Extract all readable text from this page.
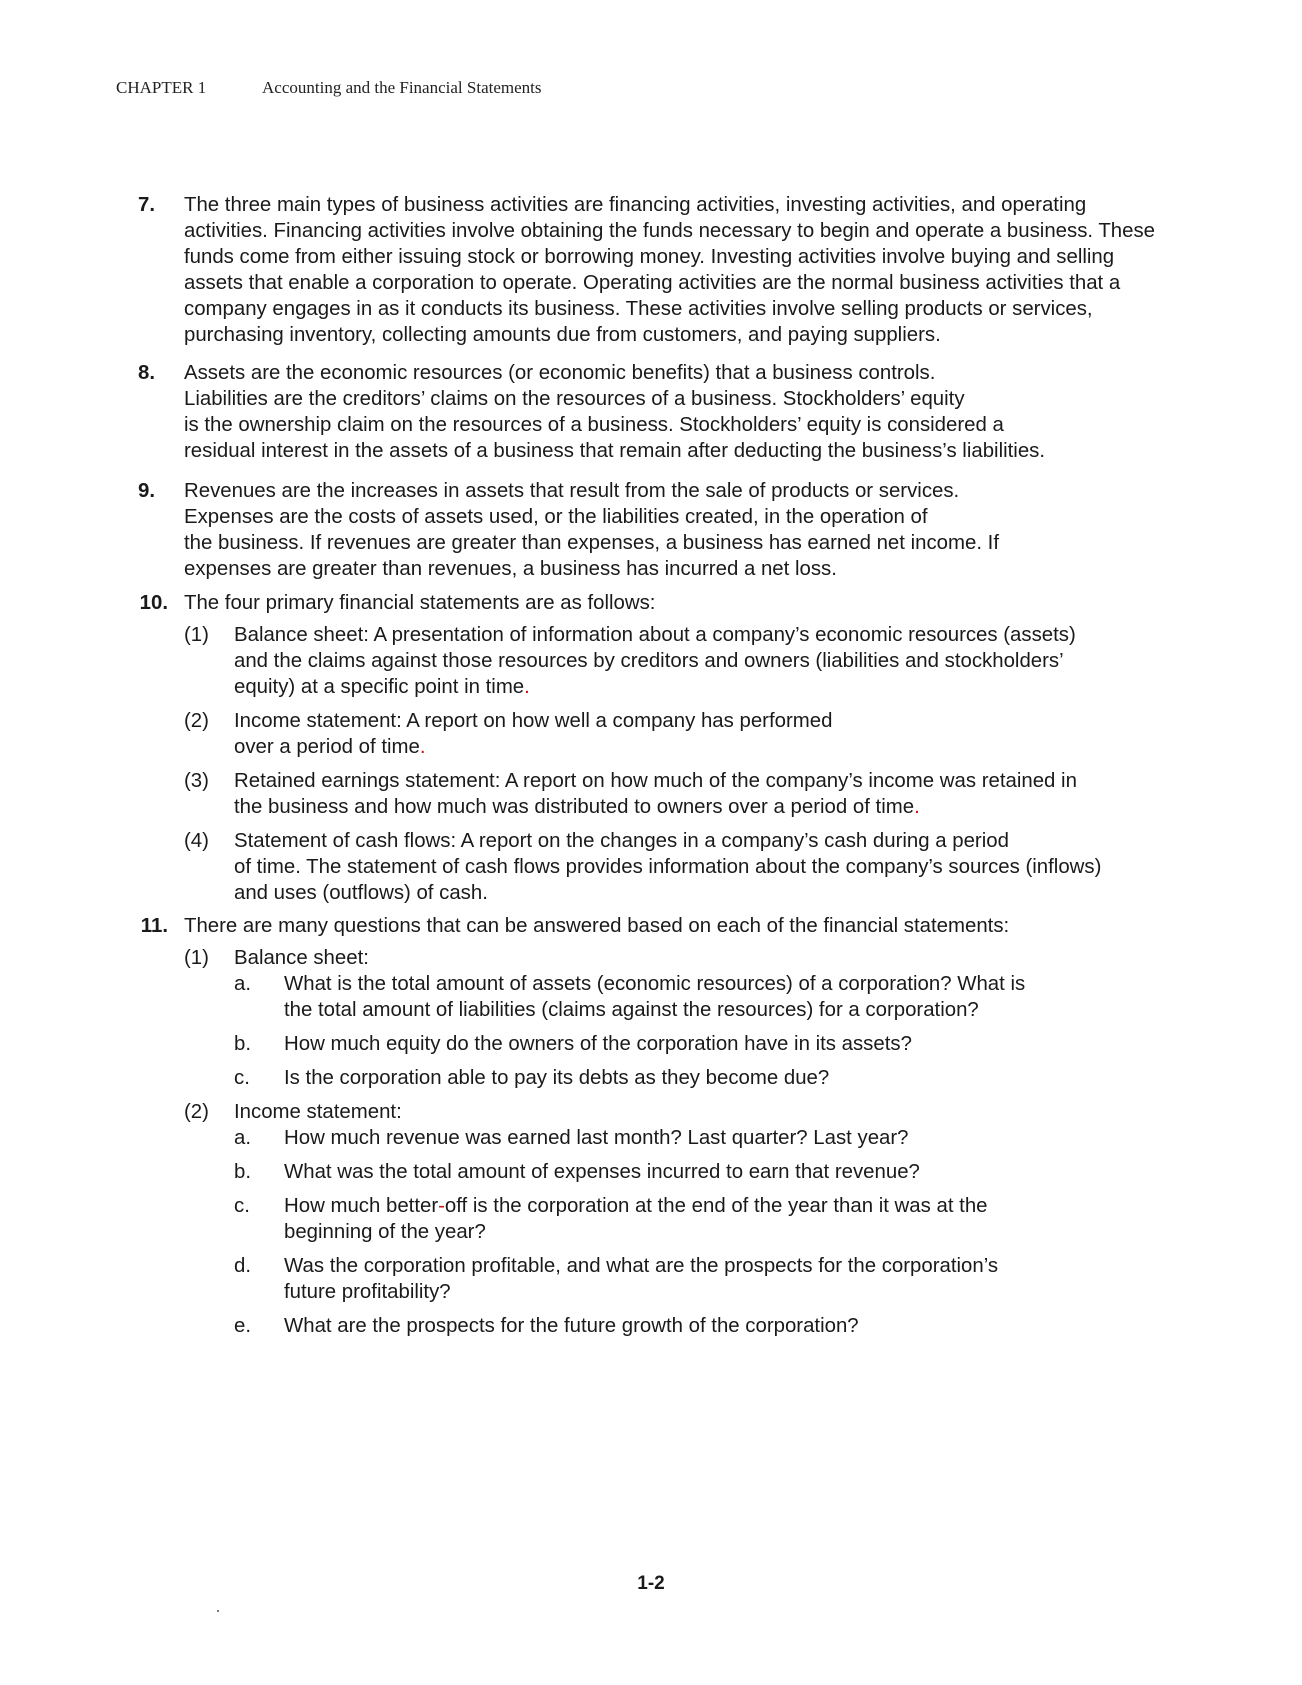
CHAPTER 1	Accounting and the Financial Statements
7.	The three main types of business activities are financing activities, investing activities, and operating activities. Financing activities involve obtaining the funds necessary to begin and operate a business. These funds come from either issuing stock or borrowing money. Investing activities involve buying and selling assets that enable a corporation to operate. Operating activities are the normal business activities that a company engages in as it conducts its business. These activities involve selling products or services, purchasing inventory, collecting amounts due from customers, and paying suppliers.
8.	Assets are the economic resources (or economic benefits) that a business controls.
Liabilities are the creditors’ claims on the resources of a business. Stockholders’ equity
is the ownership claim on the resources of a business. Stockholders’ equity is considered a
residual interest in the assets of a business that remain after deducting the business’s liabilities.
9.	Revenues are the increases in assets that result from the sale of products or services.
Expenses are the costs of assets used, or the liabilities created, in the operation of
the business. If revenues are greater than expenses, a business has earned net income. If
expenses are greater than revenues, a business has incurred a net loss.
10. The four primary financial statements are as follows:
(1)	Balance sheet: A presentation of information about a company’s economic resources (assets) and the claims against those resources by creditors and owners (liabilities and stockholders’ equity) at a specific point in time.
(2)	Income statement: A report on how well a company has performed
over a period of time.
(3)	Retained earnings statement: A report on how much of the company’s income was retained in the business and how much was distributed to owners over a period of time.
(4)	Statement of cash flows: A report on the changes in a company’s cash during a period
of time. The statement of cash flows provides information about the company’s sources (inflows)
and uses (outflows) of cash.
11. There are many questions that can be answered based on each of the financial statements:
(1)	Balance sheet:
a.	What is the total amount of assets (economic resources) of a corporation? What is the total amount of liabilities (claims against the resources) for a corporation?
b.	How much equity do the owners of the corporation have in its assets?
c.	Is the corporation able to pay its debts as they become due?
(2)	Income statement:
a.	How much revenue was earned last month? Last quarter? Last year?
b.	What was the total amount of expenses incurred to earn that revenue?
c.	How much better-off is the corporation at the end of the year than it was at the beginning of the year?
d.	Was the corporation profitable, and what are the prospects for the corporation’s future profitability?
e.	What are the prospects for the future growth of the corporation?
1-2
